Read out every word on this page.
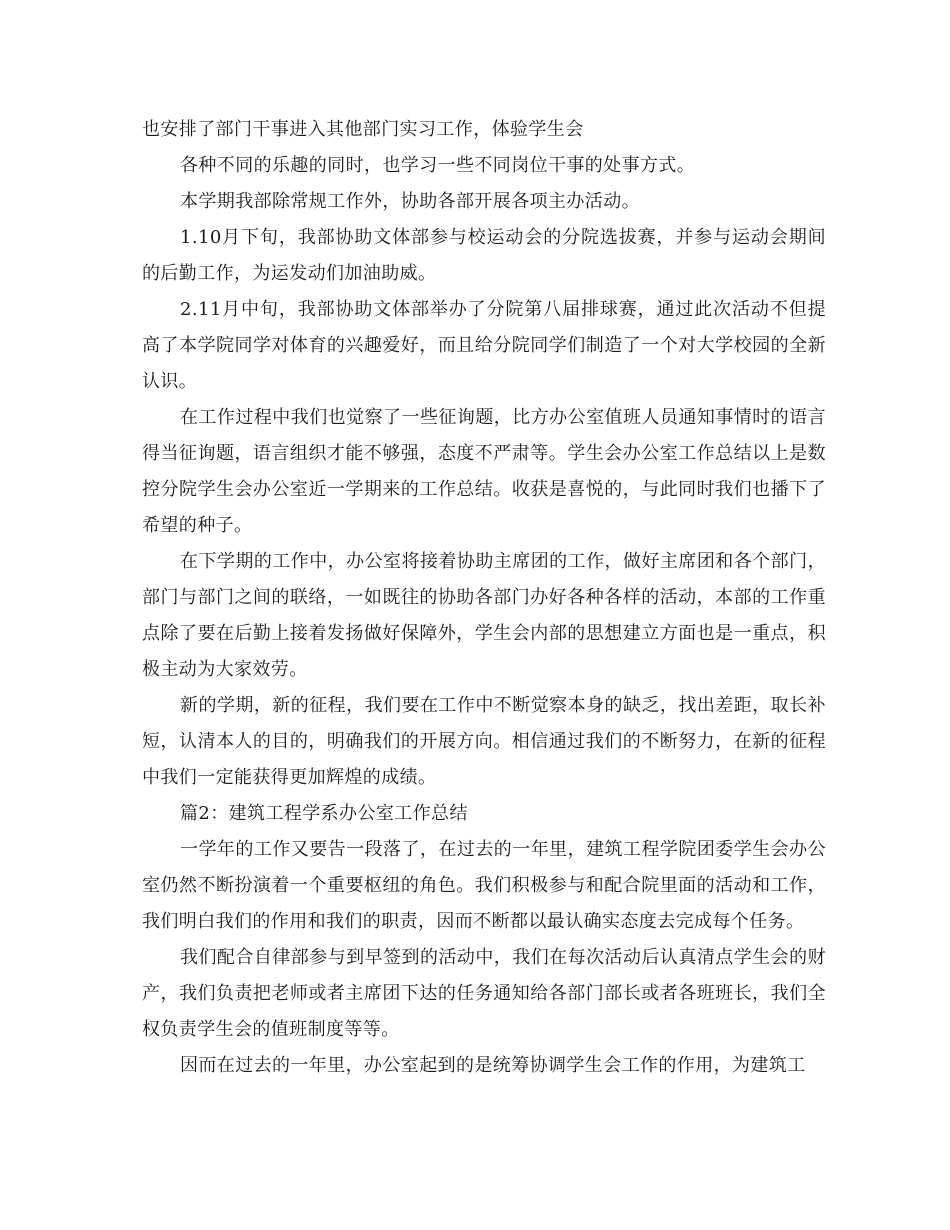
也安排了部门干事进入其他部门实习工作，体验学生会

各种不同的乐趣的同时，也学习一些不同岗位干事的处事方式。

本学期我部除常规工作外，协助各部开展各项主办活动。

1.10月下旬，我部协助文体部参与校运动会的分院选拔赛，并参与运动会期间的后勤工作，为运发动们加油助威。

2.11月中旬，我部协助文体部举办了分院第八届排球赛，通过此次活动不但提高了本学院同学对体育的兴趣爱好，而且给分院同学们制造了一个对大学校园的全新认识。

在工作过程中我们也觉察了一些征询题，比方办公室值班人员通知事情时的语言得当征询题，语言组织才能不够强，态度不严肃等。学生会办公室工作总结以上是数控分院学生会办公室近一学期来的工作总结。收获是喜悦的，与此同时我们也播下了希望的种子。

在下学期的工作中，办公室将接着协助主席团的工作，做好主席团和各个部门，部门与部门之间的联络，一如既往的协助各部门办好各种各样的活动，本部的工作重点除了要在后勤上接着发扬做好保障外，学生会内部的思想建立方面也是一重点，积极主动为大家效劳。

新的学期，新的征程，我们要在工作中不断觉察本身的缺乏，找出差距，取长补短，认清本人的目的，明确我们的开展方向。相信通过我们的不断努力，在新的征程中我们一定能获得更加辉煌的成绩。

篇2：建筑工程学系办公室工作总结

一学年的工作又要告一段落了，在过去的一年里，建筑工程学院团委学生会办公室仍然不断扮演着一个重要枢纽的角色。我们积极参与和配合院里面的活动和工作，我们明白我们的作用和我们的职责，因而不断都以最认确实态度去完成每个任务。

我们配合自律部参与到早签到的活动中，我们在每次活动后认真清点学生会的财产，我们负责把老师或者主席团下达的任务通知给各部门部长或者各班班长，我们全权负责学生会的值班制度等等。

因而在过去的一年里，办公室起到的是统筹协调学生会工作的作用，为建筑工
